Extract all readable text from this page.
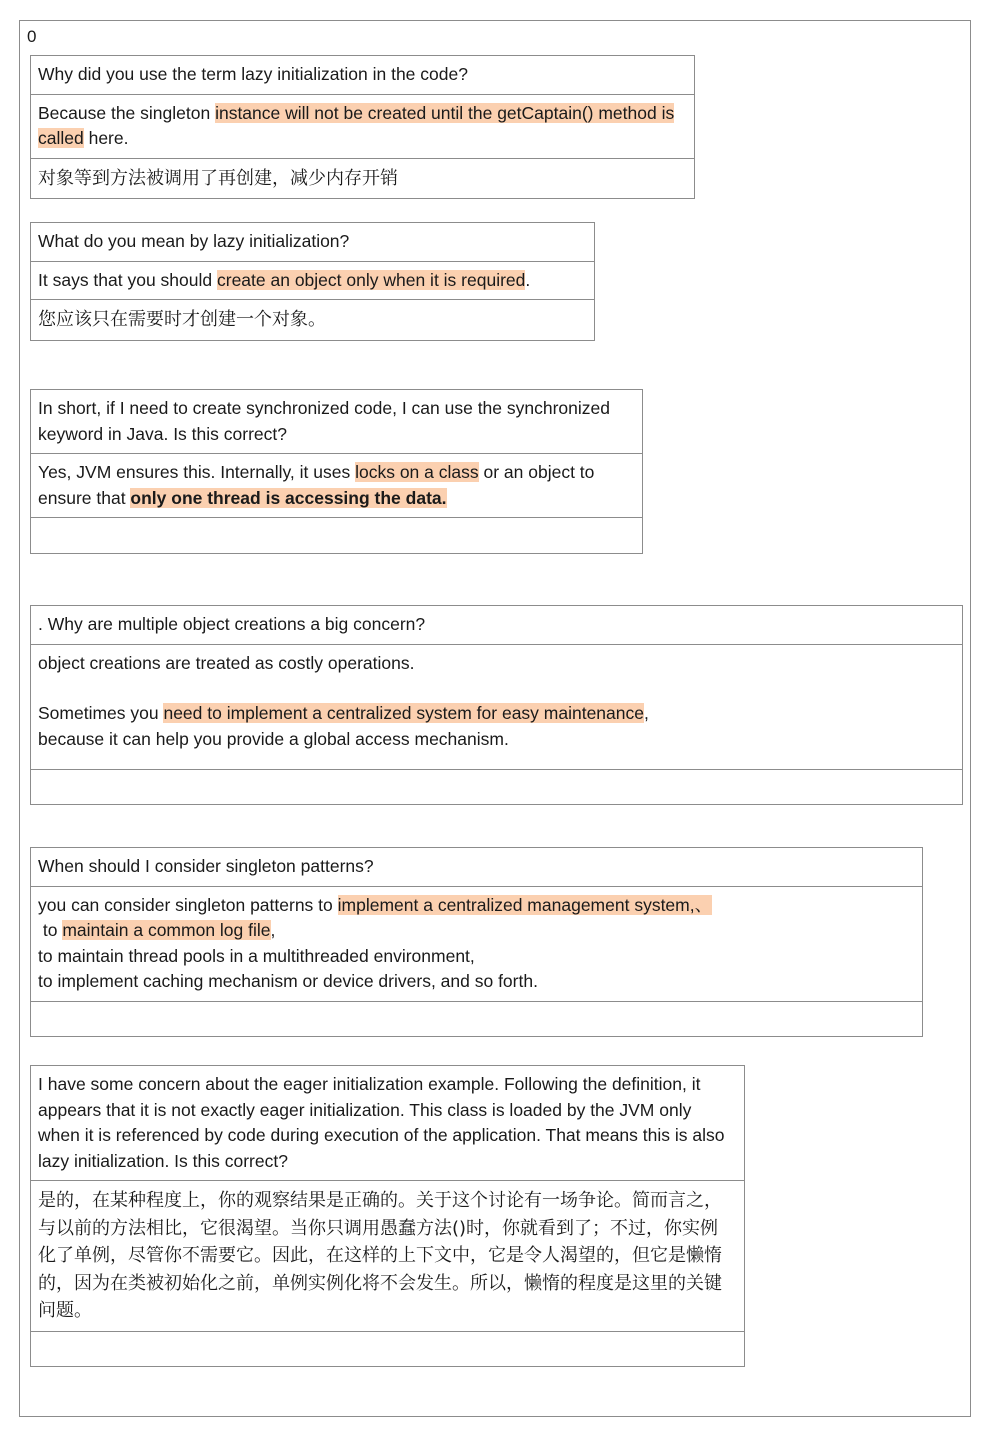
0
Why did you use the term lazy initialization in the code?
Because the singleton instance will not be created until the getCaptain() method is called here.
对象等到方法被调用了再创建，减少内存开销
What do you mean by lazy initialization?
It says that you should create an object only when it is required.
您应该只在需要时才创建一个对象。
In short, if I need to create synchronized code, I can use the synchronized keyword in Java. Is this correct?
Yes, JVM ensures this. Internally, it uses locks on a class or an object to ensure that only one thread is accessing the data.

. Why are multiple object creations a big concern?
object creations are treated as costly operations.
Sometimes you need to implement a centralized system for easy maintenance,
because it can help you provide a global access mechanism.

When should I consider singleton patterns?
you can consider singleton patterns to implement a centralized management system,、
to maintain a common log file,
to maintain thread pools in a multithreaded environment,
to implement caching mechanism or device drivers, and so forth.

I have some concern about the eager initialization example. Following the definition, it appears that it is not exactly eager initialization. This class is loaded by the JVM only when it is referenced by code during execution of the application. That means this is also lazy initialization. Is this correct?
是的，在某种程度上，你的观察结果是正确的。关于这个讨论有一场争论。简而言之，与以前的方法相比，它很渴望。当你只调用愚蠢方法()时，你就看到了；不过，你实例化了单例，尽管你不需要它。因此，在这样的上下文中，它是令人渴望的，但它是懒惰的，因为在类被初始化之前，单例实例化将不会发生。所以，懒惰的程度是这里的关键问题。
